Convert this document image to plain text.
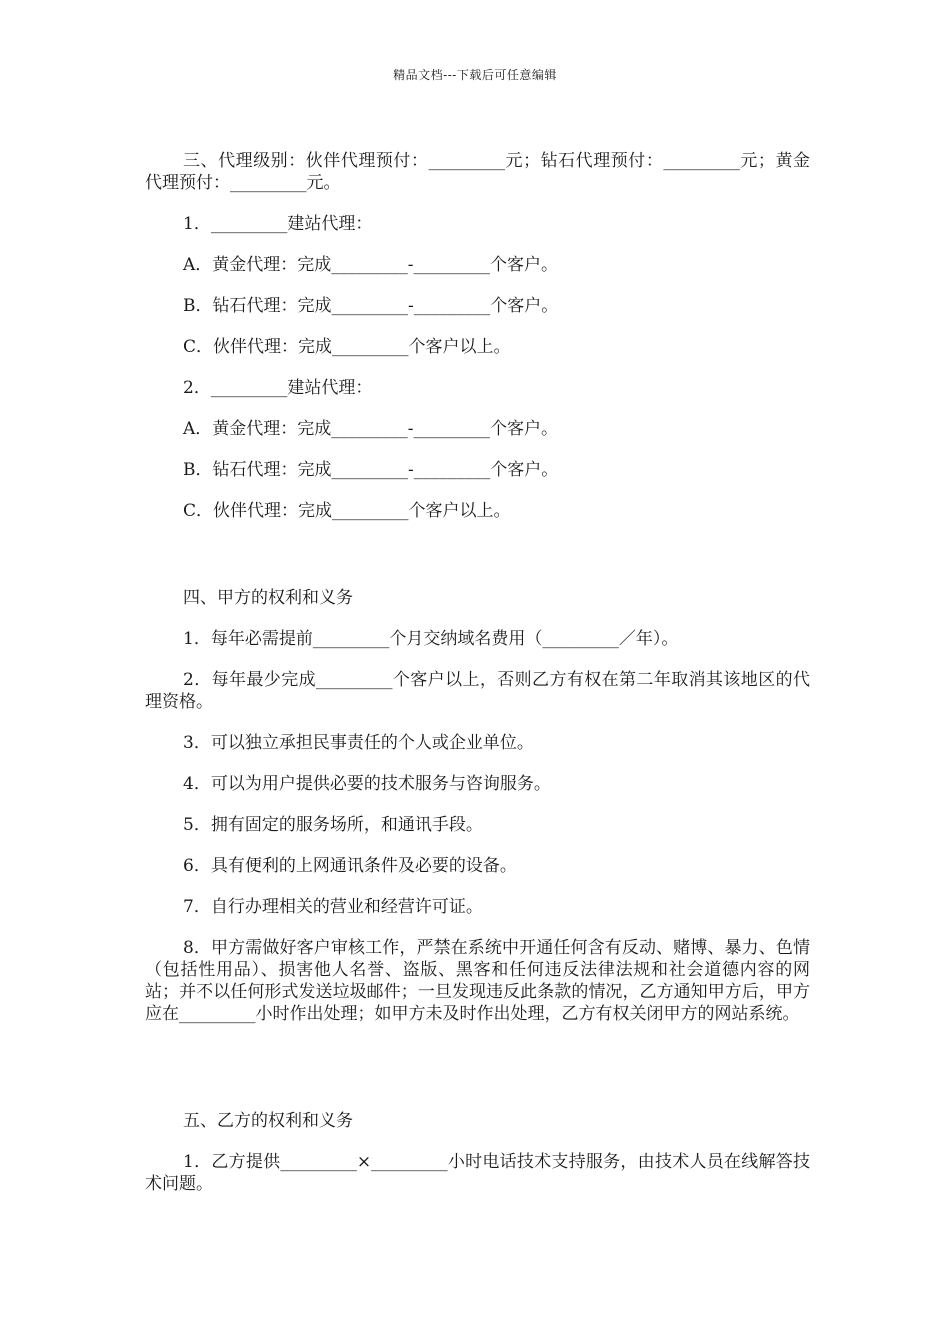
精品文档---下载后可任意编辑
三、代理级别：伙伴代理预付：_________元；钻石代理预付：_________元；黄金代理预付：_________元。
1．_________建站代理：
A．黄金代理：完成_________-_________个客户。
B．钻石代理：完成_________-_________个客户。
C．伙伴代理：完成_________个客户以上。
2．_________建站代理：
A．黄金代理：完成_________-_________个客户。
B．钻石代理：完成_________-_________个客户。
C．伙伴代理：完成_________个客户以上。
四、甲方的权利和义务
1．每年必需提前_________个月交纳域名费用（_________／年）。
2．每年最少完成_________个客户以上，否则乙方有权在第二年取消其该地区的代理资格。
3．可以独立承担民事责任的个人或企业单位。
4．可以为用户提供必要的技术服务与咨询服务。
5．拥有固定的服务场所，和通讯手段。
6．具有便利的上网通讯条件及必要的设备。
7．自行办理相关的营业和经营许可证。
8．甲方需做好客户审核工作，严禁在系统中开通任何含有反动、赌博、暴力、色情（包括性用品）、损害他人名誉、盗版、黑客和任何违反法律法规和社会道德内容的网站；并不以任何形式发送垃圾邮件；一旦发现违反此条款的情况，乙方通知甲方后，甲方应在_________小时作出处理；如甲方未及时作出处理，乙方有权关闭甲方的网站系统。
五、乙方的权利和义务
1．乙方提供_________×_________小时电话技术支持服务，由技术人员在线解答技术问题。
